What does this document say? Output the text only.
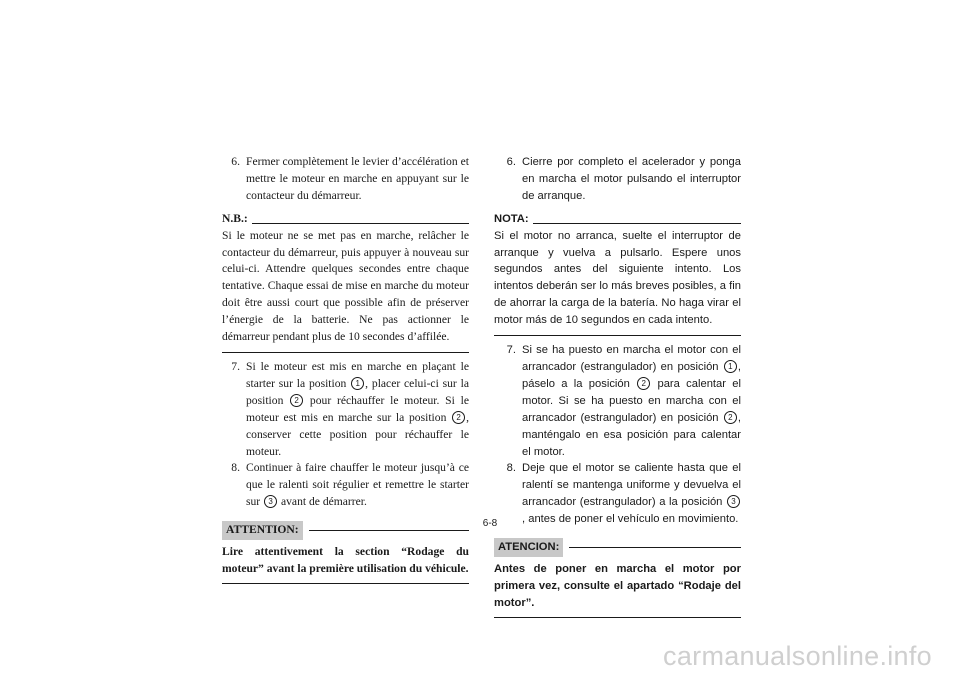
6. Fermer complètement le levier d’accélération et mettre le moteur en marche en appuyant sur le contacteur du démarreur.
N.B.:
Si le moteur ne se met pas en marche, relâcher le contacteur du démarreur, puis appuyer à nouveau sur celui-ci. Attendre quelques secondes entre chaque tentative. Chaque essai de mise en marche du moteur doit être aussi court que possible afin de préserver l’énergie de la batterie. Ne pas actionner le démarreur pendant plus de 10 secondes d’affilée.
7. Si le moteur est mis en marche en plaçant le starter sur la position 1 , placer celui-ci sur la position 2 pour réchauffer le moteur. Si le moteur est mis en marche sur la position 2 , conserver cette position pour réchauffer le moteur.
8. Continuer à faire chauffer le moteur jusqu’à ce que le ralenti soit régulier et remettre le starter sur 3 avant de démarrer.
ATTENTION:
Lire attentivement la section “Rodage du moteur” avant la première utilisation du véhicule.
6. Cierre por completo el acelerador y ponga en marcha el motor pulsando el interruptor de arranque.
NOTA:
Si el motor no arranca, suelte el interruptor de arranque y vuelva a pulsarlo. Espere unos segundos antes del siguiente intento. Los intentos deberán ser lo más breves posibles, a fin de ahorrar la carga de la batería. No haga virar el motor más de 10 segundos en cada intento.
7. Si se ha puesto en marcha el motor con el arrancador (estrangulador) en posición 1 , páselo a la posición 2 para calentar el motor. Si se ha puesto en marcha con el arrancador (estrangulador) en posición 2 , manténgalo en esa posición para calentar el motor.
8. Deje que el motor se caliente hasta que el ralentí se mantenga uniforme y devuelva el arrancador (estrangulador) a la posición 3, antes de poner el vehículo en movimiento.
ATENCION:
Antes de poner en marcha el motor por primera vez, consulte el apartado “Rodaje del motor”.
6-8
carmanualsonline.info
